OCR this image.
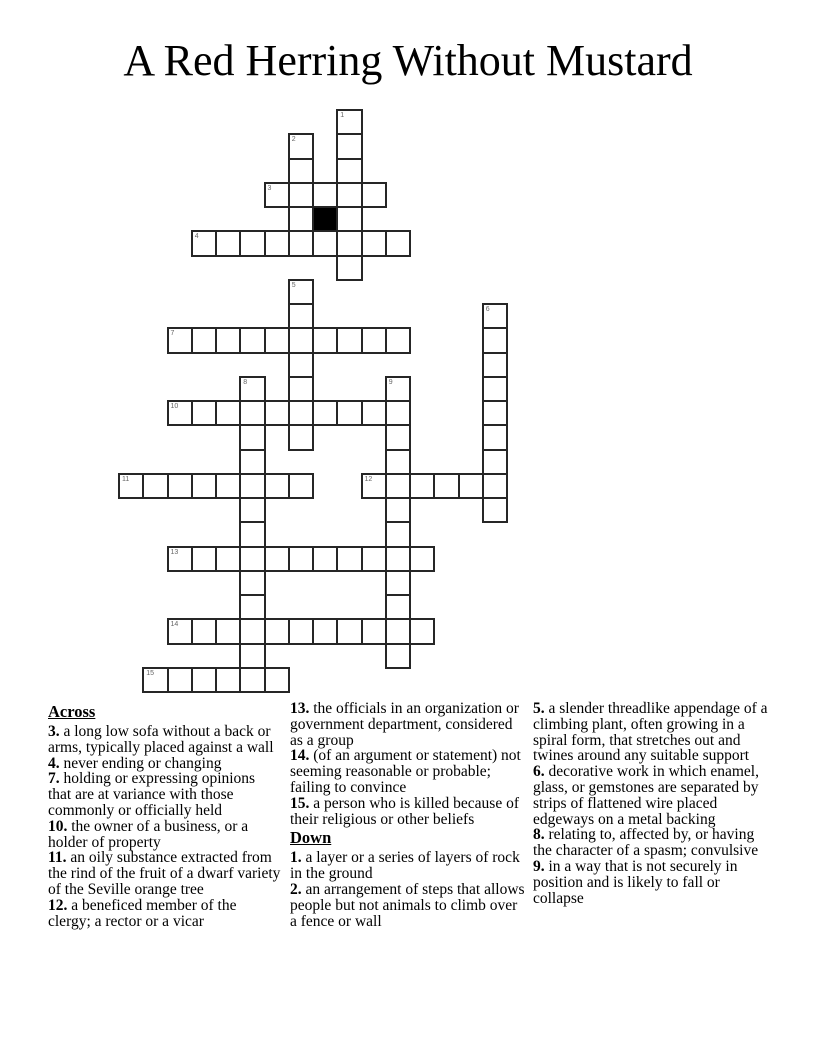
A Red Herring Without Mustard
1
2
3
4
5
6
7
8	9
10
11	12
13
14
15
Across

3. a long low sofa without a back or arms, typically placed against a wall

4. never ending or changing

7. holding or expressing opinions that are at variance with those commonly or officially held

10. the owner of a business, or a holder of property

11. an oily substance extracted from the rind of the fruit of a dwarf variety of the Seville orange tree

12. a beneficed member of the clergy; a rector or a vicar

13. the officials in an organization or government department, considered as a group

14. (of an argument or statement) not seeming reasonable or probable; failing to convince

15. a person who is killed because of their religious or other beliefs

Down

1. a layer or a series of layers of rock in the ground

2. an arrangement of steps that allows people but not animals to climb over a fence or wall

5. a slender threadlike appendage of a climbing plant, often growing in a spiral form, that stretches out and twines around any suitable support

6. decorative work in which enamel, glass, or gemstones are separated by strips of flattened wire placed edgeways on a metal backing

8. relating to, affected by, or having the character of a spasm; convulsive

9. in a way that is not securely in position and is likely to fall or collapse
